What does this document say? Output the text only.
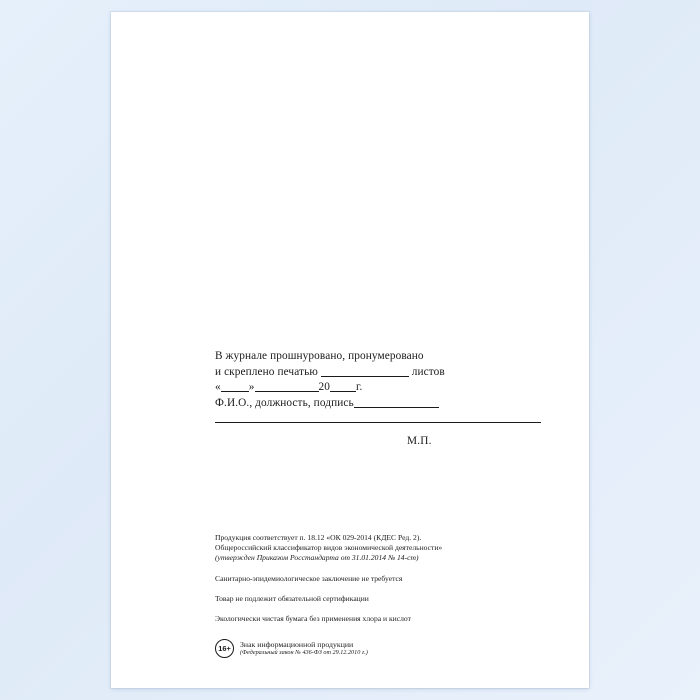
В журнале прошнуровано, пронумеровано
и скреплено печатью	листов
« »	20 г.
Ф.И.О., должность, подпись
М.П.

Продукция соответствует п. 18.12 «ОК 029-2014 (КДЕС Ред. 2).

Общероссийский классификатор видов экономической деятельности»

(утвержден Приказом Росстандарта от 31.01.2014 № 14-ст)

Санитарно-эпидемиологическое заключение не требуется

Товар не подлежит обязательной сертификации

Экологически чистая бумага без применения хлора и кислот

16+	Знак информационной продукции
(Федеральный закон № 436-ФЗ от 29.12.2010 г.)
